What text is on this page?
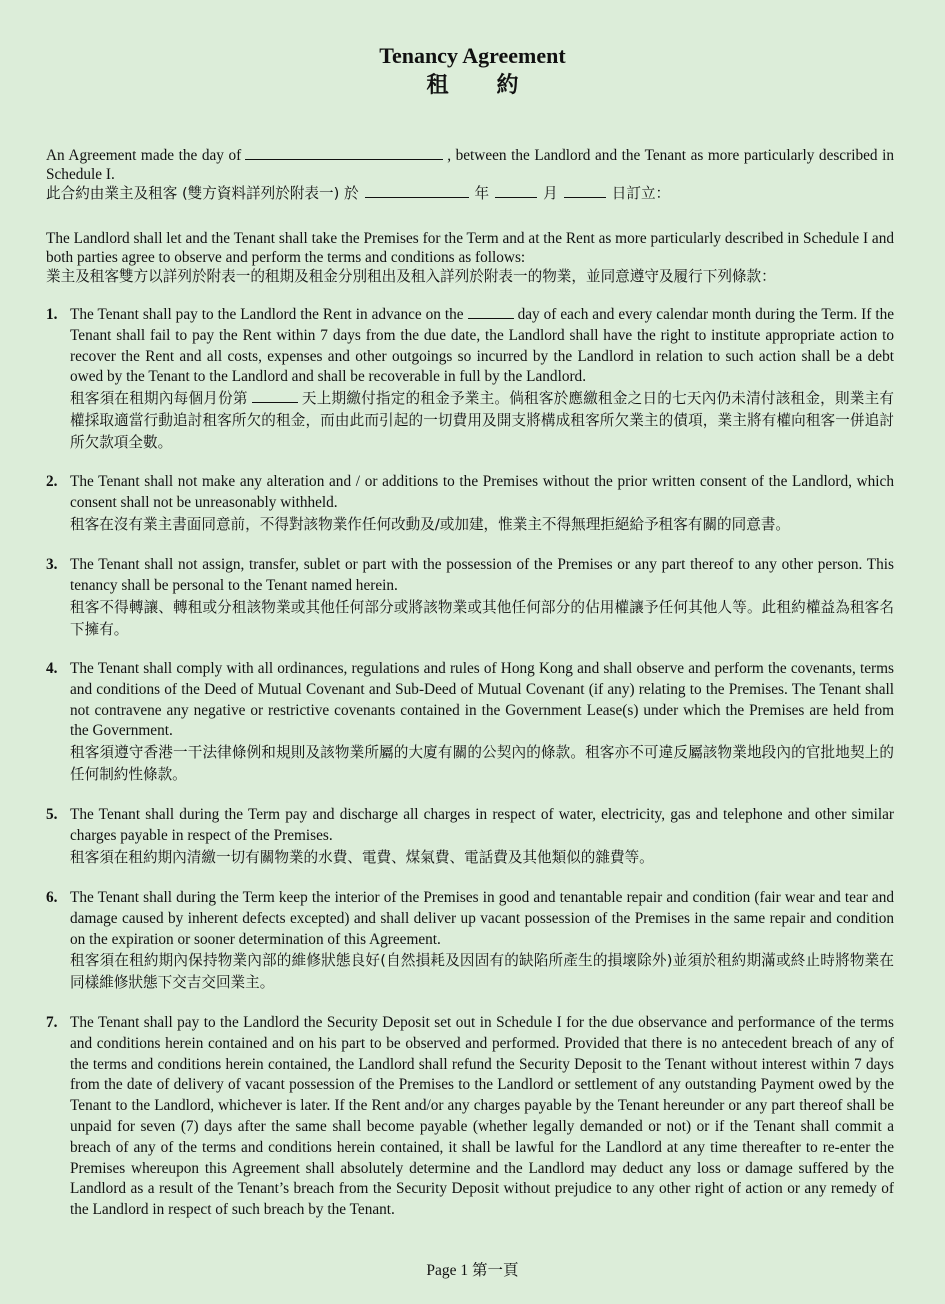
Tenancy Agreement
租約
An Agreement made the day of	, between the Landlord and the Tenant as more particularly described in Schedule I.
此合約由業主及租客 (雙方資料詳列於附表一) 於	年	月	日訂立：
The Landlord shall let and the Tenant shall take the Premises for the Term and at the Rent as more particularly described in Schedule I and both parties agree to observe and perform the terms and conditions as follows:
業主及租客雙方以詳列於附表一的租期及租金分別租出及租入詳列於附表一的物業，並同意遵守及履行下列條款：
1. The Tenant shall pay to the Landlord the Rent in advance on the	day of each and every calendar month during the Term. If the Tenant shall fail to pay the Rent within 7 days from the due date, the Landlord shall have the right to institute appropriate action to recover the Rent and all costs, expenses and other outgoings so incurred by the Landlord in relation to such action shall be a debt owed by the Tenant to the Landlord and shall be recoverable in full by the Landlord.
租客須在租期內每個月份第	天上期繳付指定的租金予業主。倘租客於應繳租金之日的七天內仍未清付該租金，則業主有權採取適當行動追討租客所欠的租金，而由此而引起的一切費用及開支將構成租客所欠業主的債項，業主將有權向租客一併追討所欠款項全數。
2. The Tenant shall not make any alteration and / or additions to the Premises without the prior written consent of the Landlord, which consent shall not be unreasonably withheld.
租客在沒有業主書面同意前，不得對該物業作任何改動及/或加建，惟業主不得無理拒絕給予租客有關的同意書。
3. The Tenant shall not assign, transfer, sublet or part with the possession of the Premises or any part thereof to any other person. This tenancy shall be personal to the Tenant named herein.
租客不得轉讓、轉租或分租該物業或其他任何部分或將該物業或其他任何部分的佔用權讓予任何其他人等。此租約權益為租客名下擁有。
4. The Tenant shall comply with all ordinances, regulations and rules of Hong Kong and shall observe and perform the covenants, terms and conditions of the Deed of Mutual Covenant and Sub-Deed of Mutual Covenant (if any) relating to the Premises. The Tenant shall not contravene any negative or restrictive covenants contained in the Government Lease(s) under which the Premises are held from the Government.
租客須遵守香港一干法律條例和規則及該物業所屬的大廈有關的公契內的條款。租客亦不可違反屬該物業地段內的官批地契上的任何制約性條款。
5. The Tenant shall during the Term pay and discharge all charges in respect of water, electricity, gas and telephone and other similar charges payable in respect of the Premises.
租客須在租約期內清繳一切有關物業的水費、電費、煤氣費、電話費及其他類似的雜費等。
6. The Tenant shall during the Term keep the interior of the Premises in good and tenantable repair and condition (fair wear and tear and damage caused by inherent defects excepted) and shall deliver up vacant possession of the Premises in the same repair and condition on the expiration or sooner determination of this Agreement.
租客須在租約期內保持物業內部的維修狀態良好(自然損耗及因固有的缺陷所產生的損壞除外)並須於租約期滿或終止時將物業在同樣維修狀態下交吉交回業主。
7. The Tenant shall pay to the Landlord the Security Deposit set out in Schedule I for the due observance and performance of the terms and conditions herein contained and on his part to be observed and performed. Provided that there is no antecedent breach of any of the terms and conditions herein contained, the Landlord shall refund the Security Deposit to the Tenant without interest within 7 days from the date of delivery of vacant possession of the Premises to the Landlord or settlement of any outstanding Payment owed by the Tenant to the Landlord, whichever is later. If the Rent and/or any charges payable by the Tenant hereunder or any part thereof shall be unpaid for seven (7) days after the same shall become payable (whether legally demanded or not) or if the Tenant shall commit a breach of any of the terms and conditions herein contained, it shall be lawful for the Landlord at any time thereafter to re-enter the Premises whereupon this Agreement shall absolutely determine and the Landlord may deduct any loss or damage suffered by the Landlord as a result of the Tenant’s breach from the Security Deposit without prejudice to any other right of action or any remedy of the Landlord in respect of such breach by the Tenant.
Page 1 第一頁
